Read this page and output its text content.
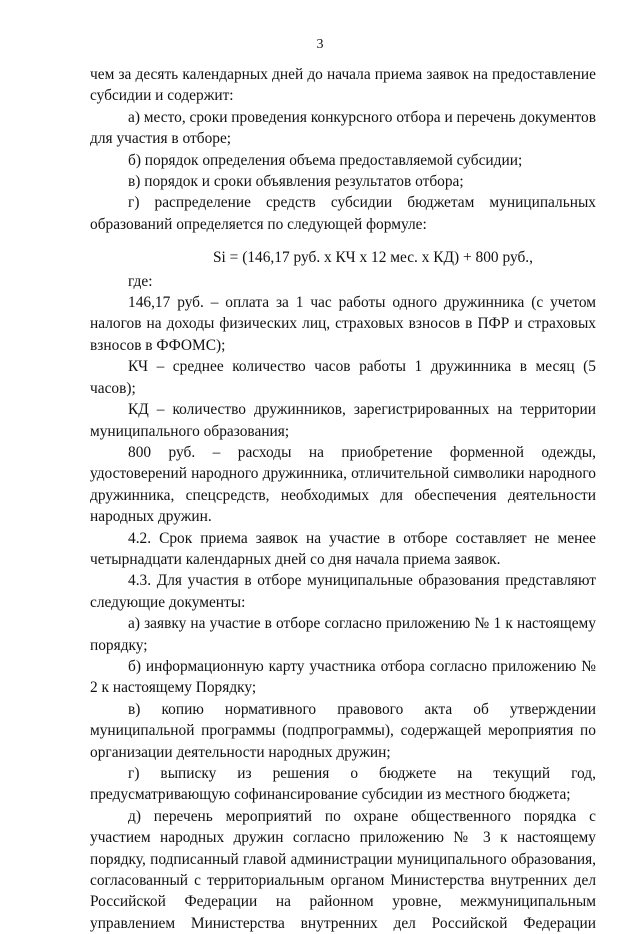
3

чем за десять календарных дней до начала приема заявок на предоставление субсидии и содержит:

а) место, сроки проведения конкурсного отбора и перечень документов для участия в отборе;

б) порядок определения объема предоставляемой субсидии;

в) порядок и сроки объявления результатов отбора;

г) распределение средств субсидии бюджетам муниципальных образований определяется по следующей формуле:

Si = (146,17 руб. х КЧ х 12 мес. х КД) + 800 руб.,

где:

146,17 руб. – оплата за 1 час работы одного дружинника (с учетом налогов на доходы физических лиц, страховых взносов в ПФР и страховых взносов в ФФОМС);

КЧ – среднее количество часов работы 1 дружинника в месяц (5 часов);

КД – количество дружинников, зарегистрированных на территории муниципального образования;

800 руб. – расходы на приобретение форменной одежды, удостоверений народного дружинника, отличительной символики народного дружинника, спецсредств, необходимых для обеспечения деятельности народных дружин.

4.2. Срок приема заявок на участие в отборе составляет не менее четырнадцати календарных дней со дня начала приема заявок.

4.3. Для участия в отборе муниципальные образования представляют следующие документы:

а) заявку на участие в отборе согласно приложению № 1 к настоящему порядку;

б) информационную карту участника отбора согласно приложению № 2 к настоящему Порядку;

в) копию нормативного правового акта об утверждении муниципальной программы (подпрограммы), содержащей мероприятия по организации деятельности народных дружин;

г) выписку из решения о бюджете на текущий год, предусматривающую софинансирование субсидии из местного бюджета;

д) перечень мероприятий по охране общественного порядка с участием народных дружин согласно приложению № 3 к настоящему порядку, подписанный главой администрации муниципального образования, согласованный с территориальным органом Министерства внутренних дел Российской Федерации на районном уровне, межмуниципальным управлением Министерства внутренних дел Российской Федерации
